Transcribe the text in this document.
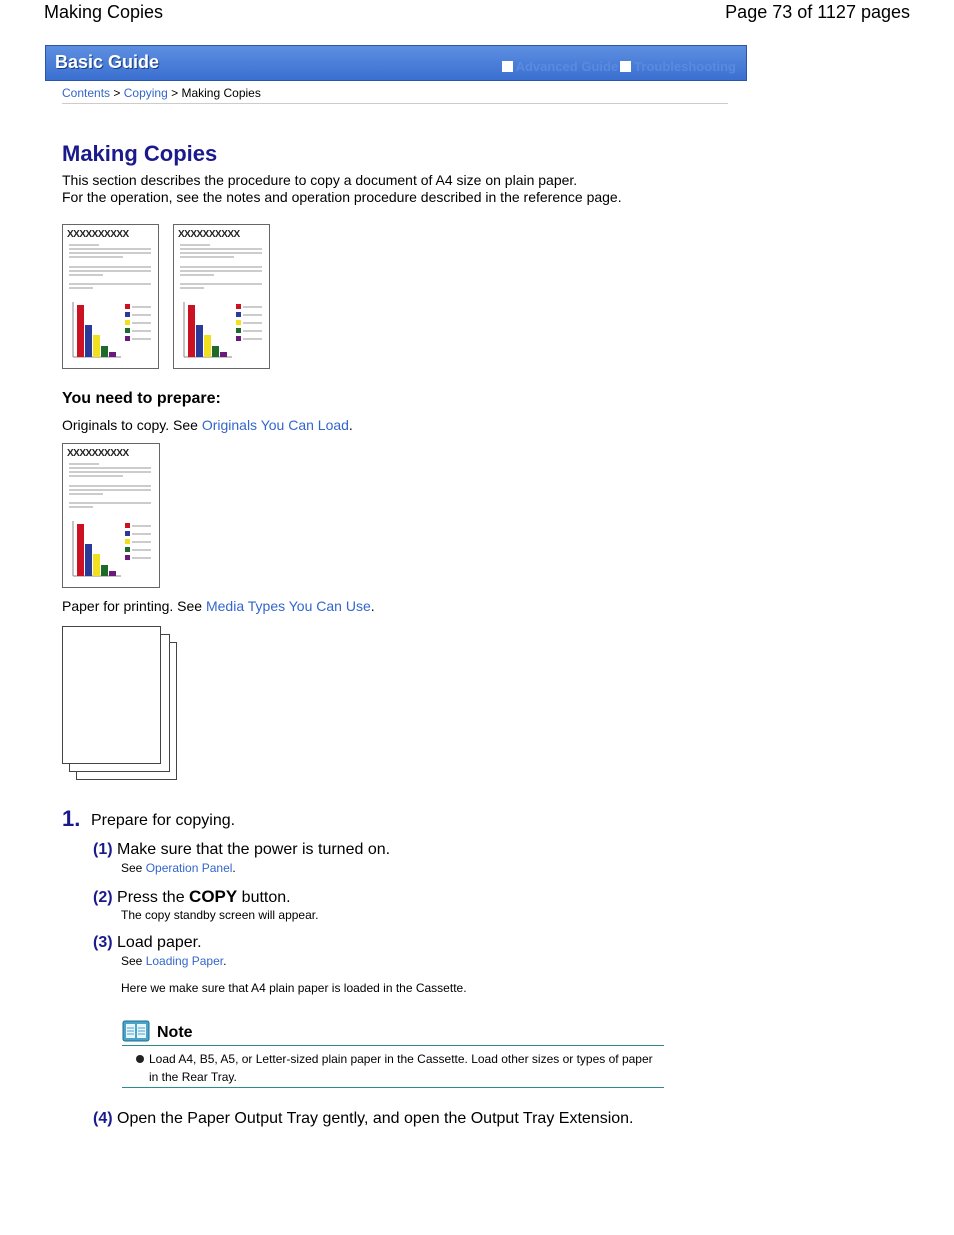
Making Copies	Page 73 of 1127 pages
Basic Guide	Advanced Guide Troubleshooting
Contents > Copying > Making Copies
Making Copies
This section describes the procedure to copy a document of A4 size on plain paper.
For the operation, see the notes and operation procedure described in the reference page.
XXXXXXXXXX	XXXXXXXXXX
You need to prepare:
Originals to copy. See Originals You Can Load.
XXXXXXXXXX
Paper for printing. See Media Types You Can Use.
1. Prepare for copying.
(1) Make sure that the power is turned on.
See Operation Panel.
(2) Press the COPY button.
The copy standby screen will appear.
(3) Load paper.
See Loading Paper.
Here we make sure that A4 plain paper is loaded in the Cassette.
Note
Load A4, B5, A5, or Letter-sized plain paper in the Cassette. Load other sizes or types of paper in the Rear Tray.
(4) Open the Paper Output Tray gently, and open the Output Tray Extension.
